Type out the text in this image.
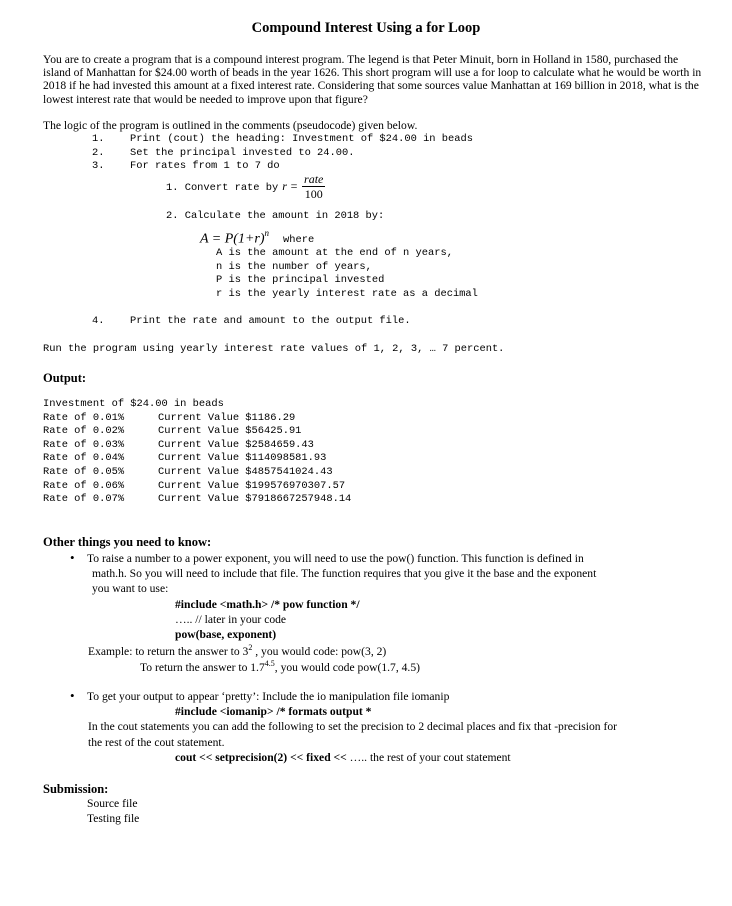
Compound Interest Using a for Loop
You are to create a program that is a compound interest program. The legend is that Peter Minuit, born in Holland in 1580, purchased the island of Manhattan for $24.00 worth of beads in the year 1626. This short program will use a for loop to calculate what he would be worth in 2018 if he had invested this amount at a fixed interest rate. Considering that some sources value Manhattan at 169 billion in 2018, what is the lowest interest rate that would be needed to improve upon that figure?
The logic of the program is outlined in the comments (pseudocode) given below.
1. Print (cout) the heading: Investment of $24.00 in beads
2. Set the principal invested to 24.00.
3. For rates from 1 to 7 do
1. Convert rate by $r = \frac{\text{rate}}{100}$
2. Calculate the amount in 2018 by:
$A = P(1+r)^n$ where
A is the amount at the end of n years,
n is the number of years,
P is the principal invested
r is the yearly interest rate as a decimal
4. Print the rate and amount to the output file.
Run the program using yearly interest rate values of 1, 2, 3, … 7 percent.
Output:
Investment of $24.00 in beads
Rate of 0.01%	Current Value $1186.29
Rate of 0.02%	Current Value $56425.91
Rate of 0.03%	Current Value $2584659.43
Rate of 0.04%	Current Value $114098581.93
Rate of 0.05%	Current Value $4857541024.43
Rate of 0.06%	Current Value $199576970307.57
Rate of 0.07%	Current Value $7918667257948.14
Other things you need to know:
• To raise a number to a power exponent, you will need to use the pow() function. This function is defined in
math.h. So you will need to include that file. The function requires that you give it the base and the exponent
you want to use:
#include <math.h> /* pow function */
….. // later in your code
pow(base, exponent)
Example: to return the answer to $3^2$ , you would code: pow(3, 2)
To return the answer to $1.7^{4.5}$, you would code pow(1.7, 4.5)
• To get your output to appear ‘pretty’: Include the io manipulation file iomanip
#include <iomanip> /* formats output *
In the cout statements you can add the following to set the precision to 2 decimal places and fix that -precision for
the rest of the cout statement.
cout << setprecision(2) << fixed << ….. the rest of your cout statement
Submission:
Source file
Testing file
